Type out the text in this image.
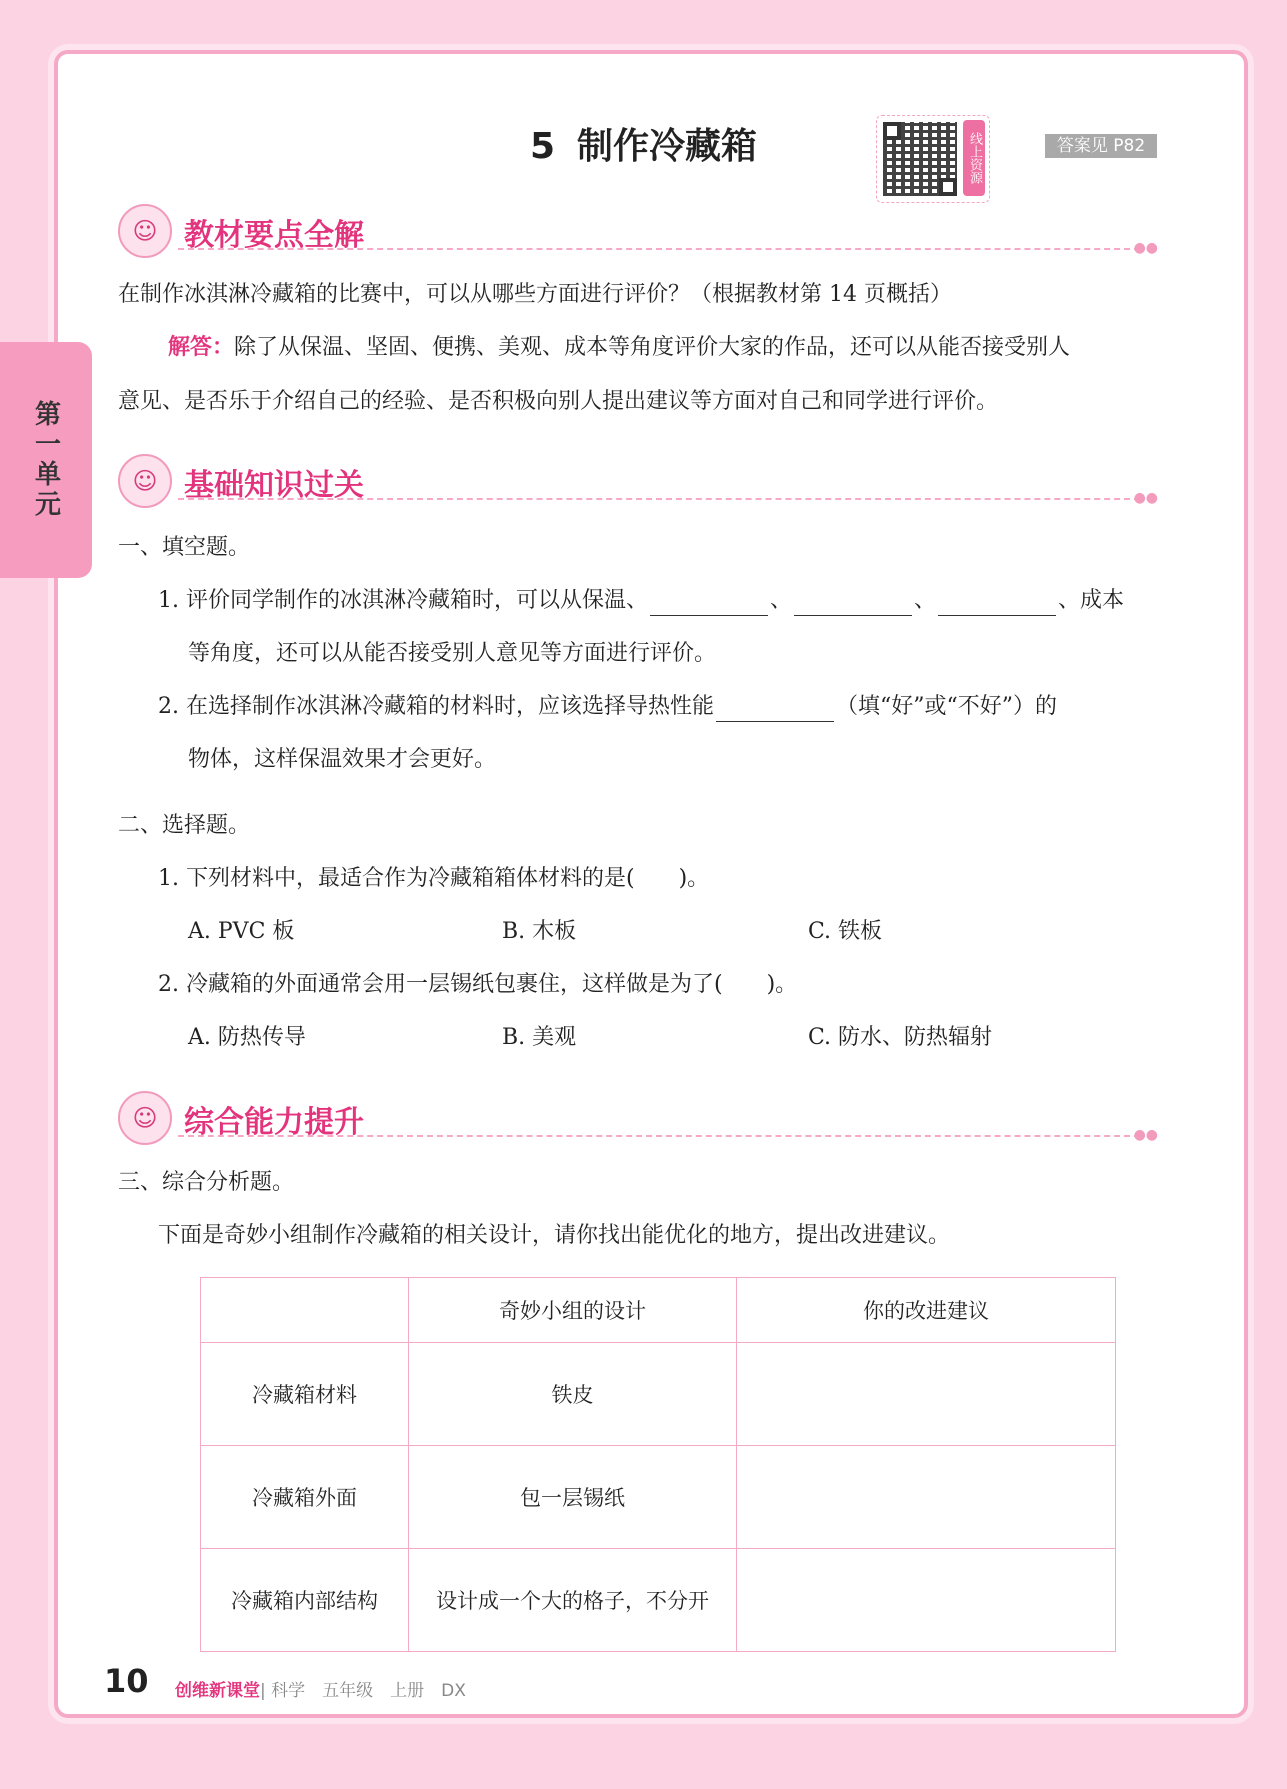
第一单元
5 制作冷藏箱	线上资源	答案见 P82
☺ 教材要点全解	●●
在制作冰淇淋冷藏箱的比赛中，可以从哪些方面进行评价？（根据教材第 14 页概括）
解答：除了从保温、坚固、便携、美观、成本等角度评价大家的作品，还可以从能否接受别人
意见、是否乐于介绍自己的经验、是否积极向别人提出建议等方面对自己和同学进行评价。
☺ 基础知识过关	●●
一、填空题。
1. 评价同学制作的冰淇淋冷藏箱时，可以从保温、	、	、	、成本
等角度，还可以从能否接受别人意见等方面进行评价。
2. 在选择制作冰淇淋冷藏箱的材料时，应该选择导热性能	（填“好”或“不好”）的
物体，这样保温效果才会更好。
二、选择题。
1. 下列材料中，最适合作为冷藏箱箱体材料的是(　　)。
A. PVC 板	B. 木板	C. 铁板
2. 冷藏箱的外面通常会用一层锡纸包裹住，这样做是为了(　　)。
A. 防热传导	B. 美观	C. 防水、防热辐射
☺ 综合能力提升	●●
三、综合分析题。
下面是奇妙小组制作冷藏箱的相关设计，请你找出能优化的地方，提出改进建议。
	奇妙小组的设计	你的改进建议
冷藏箱材料	铁皮	
冷藏箱外面	包一层锡纸	
冷藏箱内部结构	设计成一个大的格子，不分开	
10 创维新课堂| 科学　五年级　上册　DX
